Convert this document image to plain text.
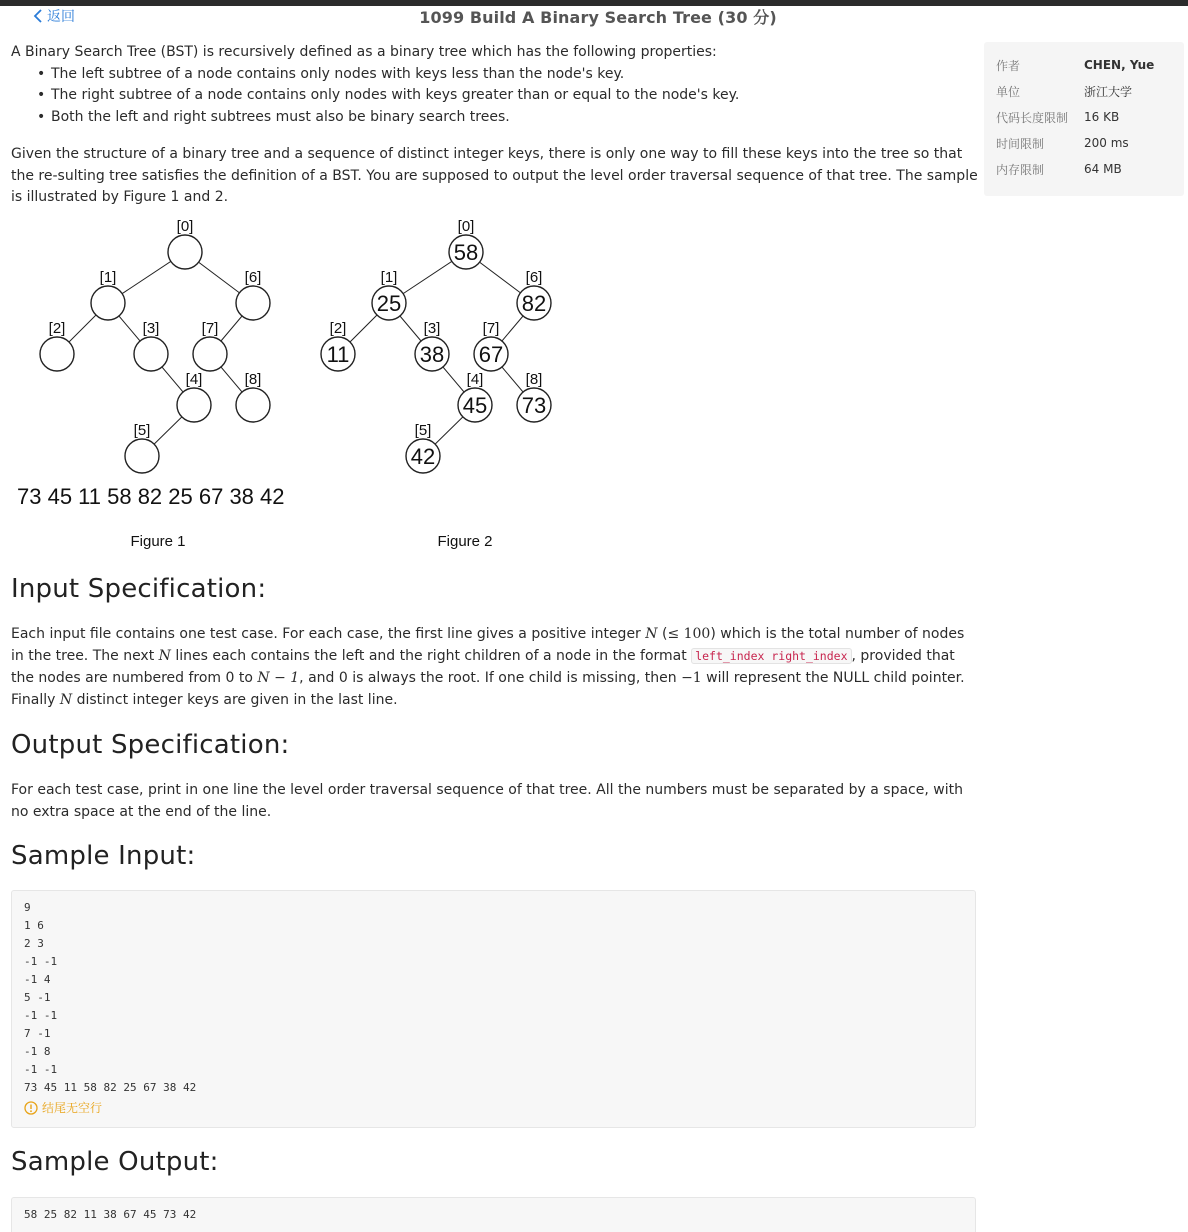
返回	1099 Build A Binary Search Tree (30 分)

A Binary Search Tree (BST) is recursively defined as a binary tree which has the following properties:

• The left subtree of a node contains only nodes with keys less than the node's key.
• The right subtree of a node contains only nodes with keys greater than or equal to the node's key.
• Both the left and right subtrees must also be binary search trees.
Given the structure of a binary tree and a sequence of distinct integer keys, there is only one way to fill these keys into the tree so that the re-sulting tree satisfies the definition of a BST. You are supposed to output the level order traversal sequence of that tree. The sample is illustrated by Figure 1 and 2.
[0]
[1]	[6]
[2]	[3]	[7]
[4]	[8]
[5]
73 45 11 58 82 25 67 38 42
Figure 1
[0]
[1]	[6]
[2]	[3]	[7]
[4]	[8]
[5]
58
25
11	38
45
42
82
67
73
Figure 2
Input Specification:
Each input file contains one test case. For each case, the first line gives a positive integer N (≤ 100) which is the total number of nodes in the tree. The next N lines each contains the left and the right children of a node in the format left_index right_index , provided that the nodes are numbered from 0 to N − 1, and 0 is always the root. If one child is missing, then −1 will represent the NULL child pointer. Finally N distinct integer keys are given in the last line.
Output Specification:
For each test case, print in one line the level order traversal sequence of that tree. All the numbers must be separated by a space, with no extra space at the end of the line.
Sample Input:
9
1 6
2 3
-1 -1
-1 4
5 -1
-1 -1
7 -1
-1 8
-1 -1
73 45 11 58 82 25 67 38 42
结尾无空行
Sample Output:
58 25 82 11 38 67 45 73 42
作者	CHEN, Yue
单位	浙江大学
代码长度限制	16 KB
时间限制	200 ms
内存限制	64 MB
